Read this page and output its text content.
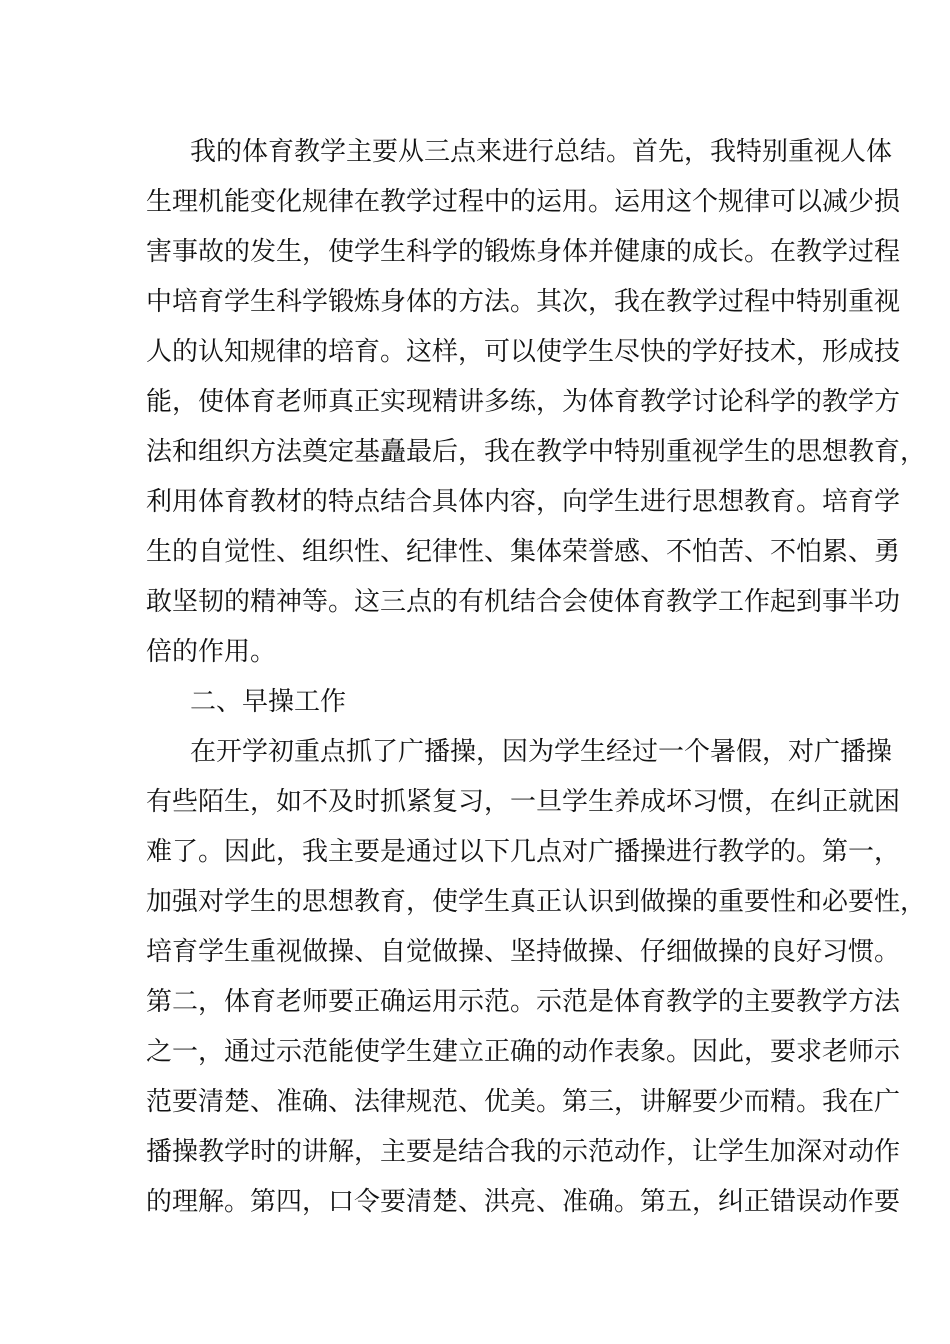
我的体育教学主要从三点来进行总结。首先，我特别重视人体
生理机能变化规律在教学过程中的运用。运用这个规律可以减少损
害事故的发生，使学生科学的锻炼身体并健康的成长。在教学过程
中培育学生科学锻炼身体的方法。其次，我在教学过程中特别重视
人的认知规律的培育。这样，可以使学生尽快的学好技术，形成技
能，使体育老师真正实现精讲多练，为体育教学讨论科学的教学方
法和组织方法奠定基矗最后，我在教学中特别重视学生的思想教育，
利用体育教材的特点结合具体内容，向学生进行思想教育。培育学
生的自觉性、组织性、纪律性、集体荣誉感、不怕苦、不怕累、勇
敢坚韧的精神等。这三点的有机结合会使体育教学工作起到事半功
倍的作用。
二、早操工作
在开学初重点抓了广播操，因为学生经过一个暑假，对广播操
有些陌生，如不及时抓紧复习，一旦学生养成坏习惯，在纠正就困
难了。因此，我主要是通过以下几点对广播操进行教学的。第一，
加强对学生的思想教育，使学生真正认识到做操的重要性和必要性，
培育学生重视做操、自觉做操、坚持做操、仔细做操的良好习惯。
第二，体育老师要正确运用示范。示范是体育教学的主要教学方法
之一，通过示范能使学生建立正确的动作表象。因此，要求老师示
范要清楚、准确、法律规范、优美。第三，讲解要少而精。我在广
播操教学时的讲解，主要是结合我的示范动作，让学生加深对动作
的理解。第四，口令要清楚、洪亮、准确。第五，纠正错误动作要
